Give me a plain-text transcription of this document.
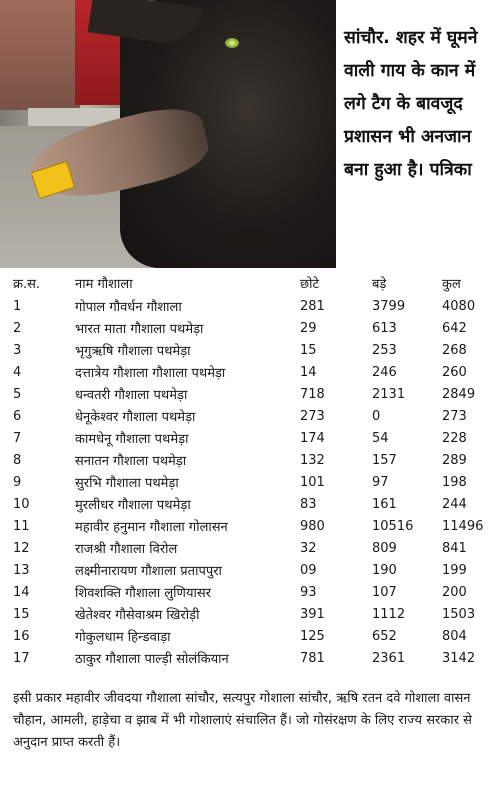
सांचौर. शहर में घूमने वाली गाय के कान में लगे टैग के बावजूद प्रशासन भी अनजान बना हुआ है। पत्रिका
क्र.स.	नाम गौशाला	छोटे	बड़े	कुल
1	गोपाल गौवर्धन गौशाला	281	3799	4080
2	भारत माता गौशाला पथमेड़ा	29	613	642
3	भृगुऋषि गौशाला पथमेड़ा	15	253	268
4	दत्तात्रेय गौशाला गौशाला पथमेड़ा	14	246	260
5	धन्वतरी गौशाला पथमेड़ा	718	2131	2849
6	धेनूकेश्वर गौशाला पथमेड़ा	273	0	273
7	कामधेनू गौशाला पथमेड़ा	174	54	228
8	सनातन गौशाला पथमेड़ा	132	157	289
9	सुरभि गौशाला पथमेड़ा	101	97	198
10	मुरलीधर गौशाला पथमेड़ा	83	161	244
11	महावीर हनुमान गौशाला गोलासन	980	10516	11496
12	राजश्री गौशाला विरोल	32	809	841
13	लक्ष्मीनारायण गौशाला प्रतापपुरा	09	190	199
14	शिवशक्ति गौशाला लुणियासर	93	107	200
15	खेतेश्वर गौसेवाश्रम खिरोड़ी	391	1112	1503
16	गोकुलधाम हिन्डवाड़ा	125	652	804
17	ठाकुर गौशाला पाल्ड़ी सोलंकियान	781	2361	3142
इसी प्रकार महावीर जीवदया गौशाला सांचौर, सत्यपुर गोशाला सांचौर, ऋषि रतन दवे गोशाला वासन चौहान, आमली, हाड़ेचा व झाब में भी गोशालाएं संचालित हैं। जो गोसंरक्षण के लिए राज्य सरकार से अनुदान प्राप्त करती हैं।
